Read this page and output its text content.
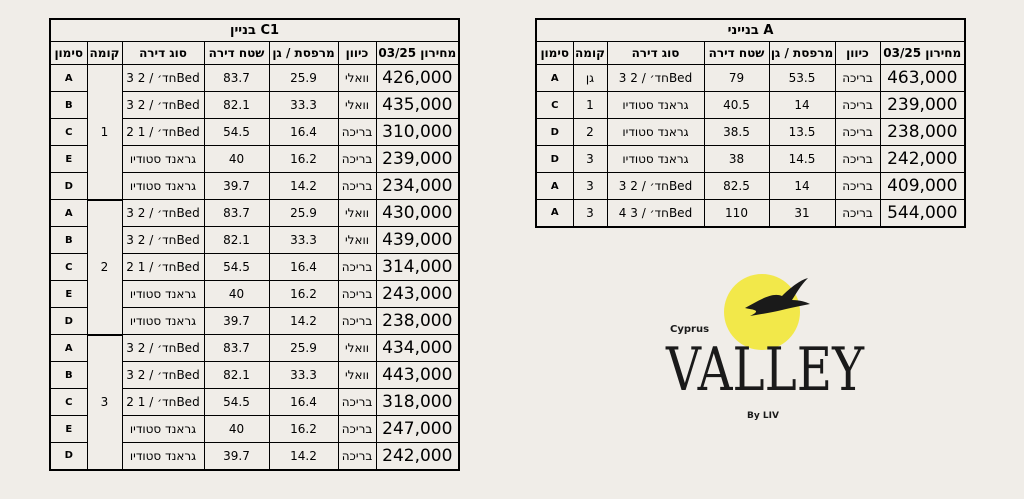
בניין C1						
סימון	קומה	סוג דירה	שטח דירה	מרפסת / גן	כיוון	מחירון 03/25
A	1	3 חד׳ / 2Bed	83.7	25.9	וואלי	426,000
B		3 חד׳ / 2Bed	82.1	33.3	וואלי	435,000
C		2 חד׳ / 1Bed	54.5	16.4	בריכה	310,000
E		גראנד סטודיו	40	16.2	בריכה	239,000
D		גראנד סטודיו	39.7	14.2	בריכה	234,000
A	2	3 חד׳ / 2Bed	83.7	25.9	וואלי	430,000
B		3 חד׳ / 2Bed	82.1	33.3	וואלי	439,000
C		2 חד׳ / 1Bed	54.5	16.4	בריכה	314,000
E		גראנד סטודיו	40	16.2	בריכה	243,000
D		גראנד סטודיו	39.7	14.2	בריכה	238,000
A	3	3 חד׳ / 2Bed	83.7	25.9	וואלי	434,000
B		3 חד׳ / 2Bed	82.1	33.3	וואלי	443,000
C		2 חד׳ / 1Bed	54.5	16.4	בריכה	318,000
E		גראנד סטודיו	40	16.2	בריכה	247,000
D		גראנד סטודיו	39.7	14.2	בריכה	242,000
בנייני A						
סימון	קומה	סוג דירה	שטח דירה	מרפסת / גן	כיוון	מחירון 03/25
A	גן	3 חד׳ / 2Bed	79	53.5	בריכה	463,000
C	1	גראנד סטודיו	40.5	14	בריכה	239,000
D	2	גראנד סטודיו	38.5	13.5	בריכה	238,000
D	3	גראנד סטודיו	38	14.5	בריכה	242,000
A	3	3 חד׳ / 2Bed	82.5	14	בריכה	409,000
A	3	4 חד׳ / 3Bed	110	31	בריכה	544,000
Cyprus
VALLEY
By LIV
